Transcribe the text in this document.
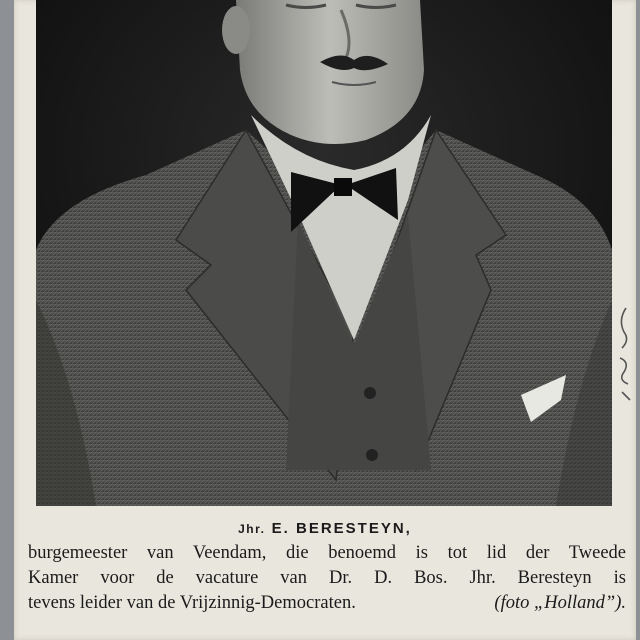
Jhr. E. BERESTEYN,

burgemeester van Veendam, die benoemd is tot lid der Tweede
Kamer voor de vacature van Dr. D. Bos. Jhr. Beresteyn is
tevens leider van de Vrijzinnig-Democraten.	(foto „Holland”).
